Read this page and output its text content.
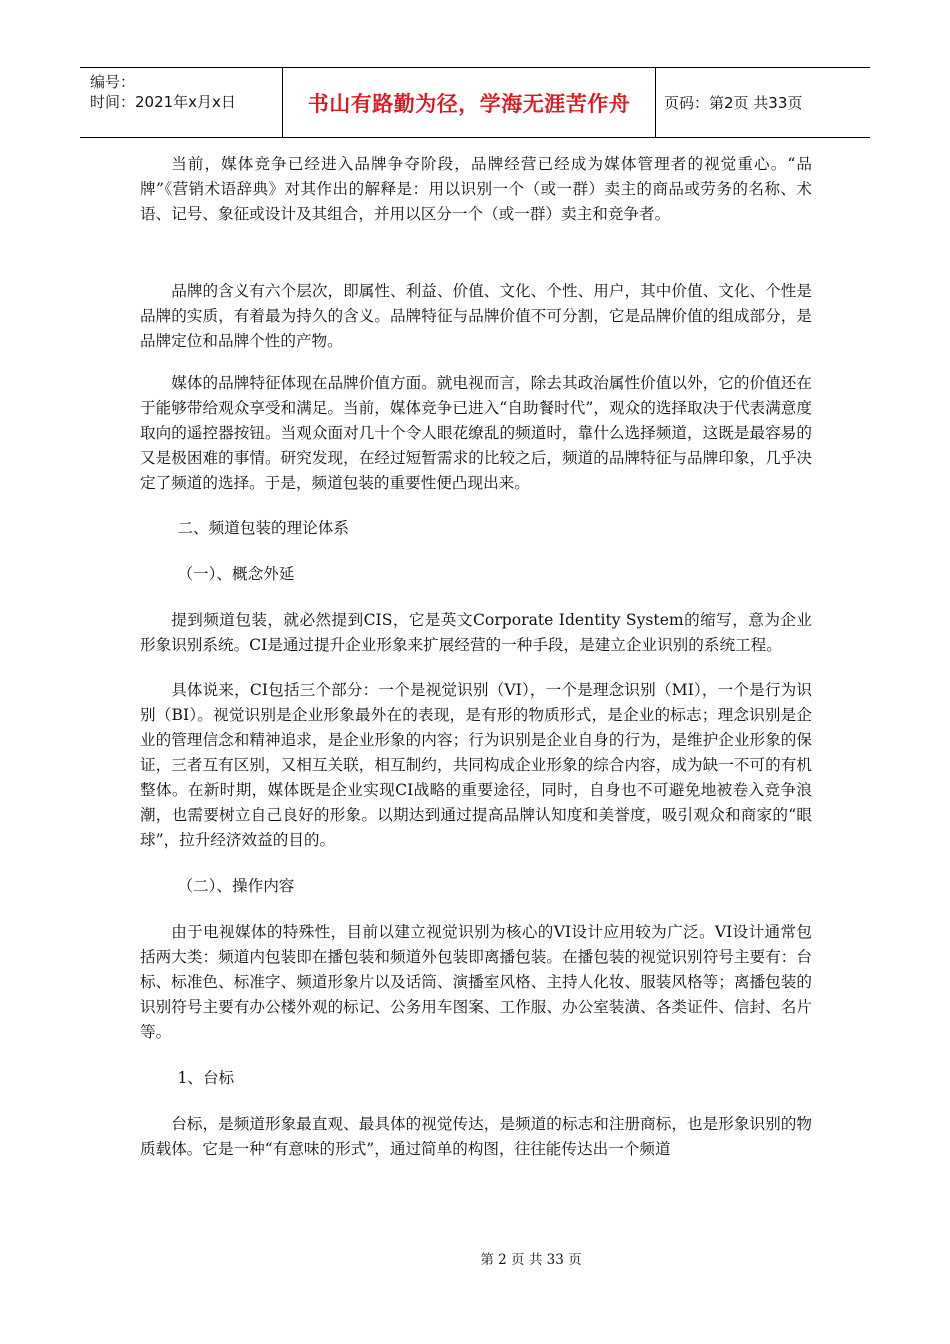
编号：
时间：2021年x月x日	书山有路勤为径，学海无涯苦作舟	页码：第2页 共33页

当前，媒体竞争已经进入品牌争夺阶段，品牌经营已经成为媒体管理者的视觉重心。“品牌”《营销术语辞典》对其作出的解释是：用以识别一个（或一群）卖主的商品或劳务的名称、术语、记号、象征或设计及其组合，并用以区分一个（或一群）卖主和竞争者。

品牌的含义有六个层次，即属性、利益、价值、文化、个性、用户，其中价值、文化、个性是品牌的实质，有着最为持久的含义。品牌特征与品牌价值不可分割，它是品牌价值的组成部分，是品牌定位和品牌个性的产物。

媒体的品牌特征体现在品牌价值方面。就电视而言，除去其政治属性价值以外，它的价值还在于能够带给观众享受和满足。当前，媒体竞争已进入“自助餐时代”，观众的选择取决于代表满意度取向的遥控器按钮。当观众面对几十个令人眼花缭乱的频道时，靠什么选择频道，这既是最容易的又是极困难的事情。研究发现，在经过短暂需求的比较之后，频道的品牌特征与品牌印象，几乎决定了频道的选择。于是，频道包装的重要性便凸现出来。

二、频道包装的理论体系

（一）、概念外延

提到频道包装，就必然提到CIS，它是英文Corporate Identity System的缩写，意为企业形象识别系统。CI是通过提升企业形象来扩展经营的一种手段，是建立企业识别的系统工程。

具体说来，CI包括三个部分：一个是视觉识别（VI），一个是理念识别（MI），一个是行为识别（BI）。视觉识别是企业形象最外在的表现，是有形的物质形式，是企业的标志；理念识别是企业的管理信念和精神追求，是企业形象的内容；行为识别是企业自身的行为，是维护企业形象的保证，三者互有区别，又相互关联，相互制约，共同构成企业形象的综合内容，成为缺一不可的有机整体。在新时期，媒体既是企业实现CI战略的重要途径，同时，自身也不可避免地被卷入竞争浪潮，也需要树立自己良好的形象。以期达到通过提高品牌认知度和美誉度，吸引观众和商家的“眼球”，拉升经济效益的目的。

（二）、操作内容

由于电视媒体的特殊性，目前以建立视觉识别为核心的VI设计应用较为广泛。VI设计通常包括两大类：频道内包装即在播包装和频道外包装即离播包装。在播包装的视觉识别符号主要有：台标、标准色、标准字、频道形象片以及话筒、演播室风格、主持人化妆、服装风格等；离播包装的识别符号主要有办公楼外观的标记、公务用车图案、工作服、办公室装潢、各类证件、信封、名片等。

1、台标

台标，是频道形象最直观、最具体的视觉传达，是频道的标志和注册商标，也是形象识别的物质载体。它是一种“有意味的形式”，通过简单的构图，往往能传达出一个频道

第 2 页 共 33 页
